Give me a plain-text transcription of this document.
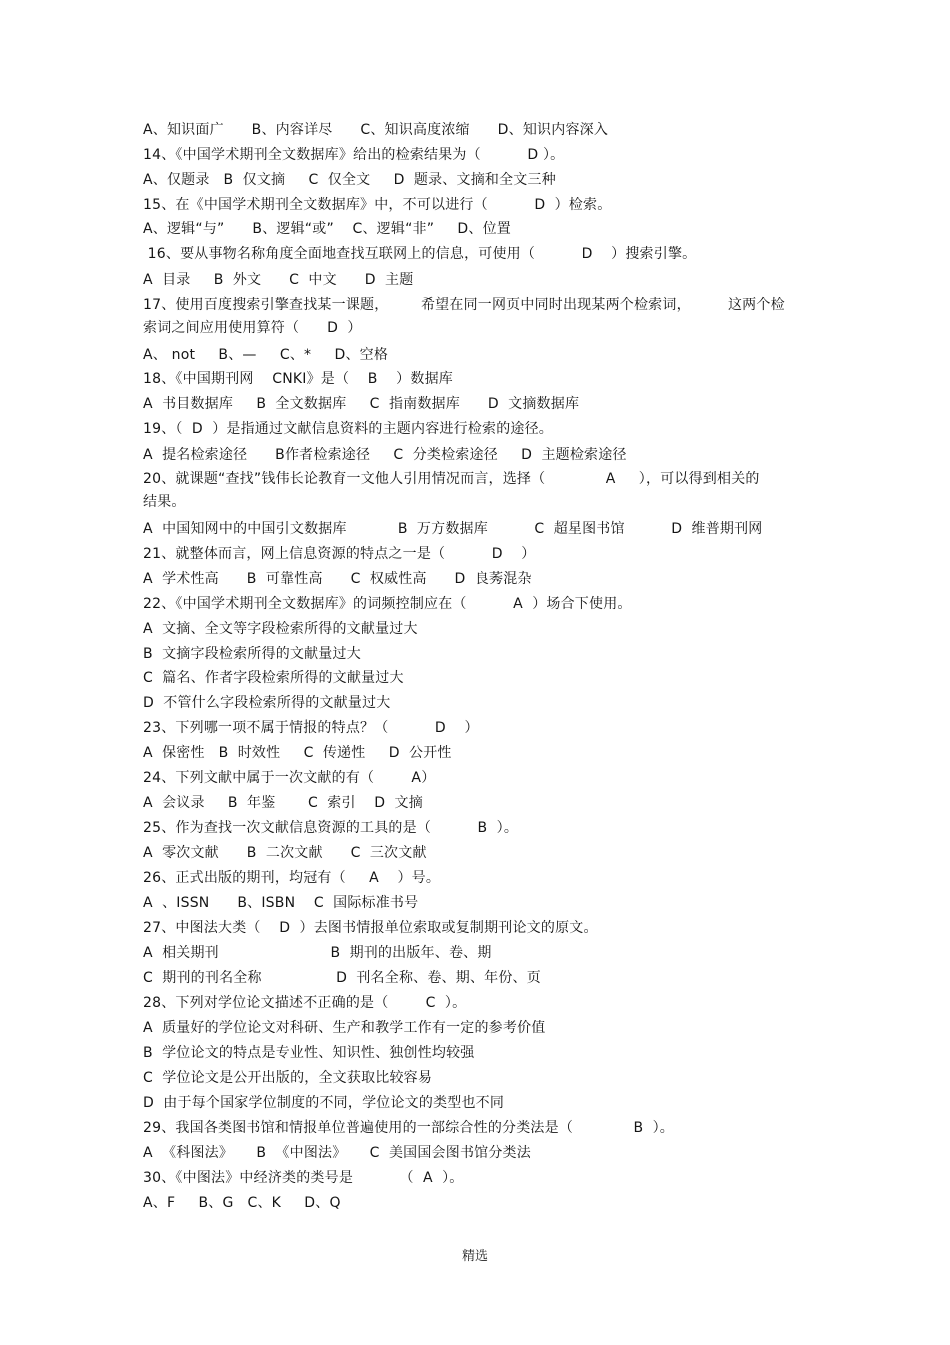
A、知识面广      B、内容详尽      C、知识高度浓缩      D、知识内容深入
14、《中国学术期刊全文数据库》给出的检索结果为（          D ）。
A、仅题录   B  仅文摘     C  仅全文     D  题录、文摘和全文三种
15、在《中国学术期刊全文数据库》中，不可以进行（          D  ）检索。
A、逻辑“与”      B、逻辑“或”    C、逻辑“非”     D、位置
16、要从事物名称角度全面地查找互联网上的信息，可使用（          D    ）搜索引擎。
A  目录     B  外文      C  中文      D  主题
17、使用百度搜索引擎查找某一课题，       希望在同一网页中同时出现某两个检索词，        这两个检
索词之间应用使用算符（      D  ）
A、 not     B、—     C、*     D、空格
18、《中国期刊网    CNKI》是（    B    ）数据库
A  书目数据库     B  全文数据库     C  指南数据库      D  文摘数据库
19、（  D  ）是指通过文献信息资料的主题内容进行检索的途径。
A  提名检索途径      B作者检索途径     C  分类检索途径     D  主题检索途径
20、就课题“查找”钱伟长论教育一文他人引用情况而言，选择（             A     ），可以得到相关的
结果。
A  中国知网中的中国引文数据库           B  万方数据库          C  超星图书馆          D  维普期刊网
21、就整体而言，网上信息资源的特点之一是（          D    ）
A  学术性高      B  可靠性高      C  权威性高      D  良莠混杂
22、《中国学术期刊全文数据库》的词频控制应在（          A  ）场合下使用。
A  文摘、全文等字段检索所得的文献量过大
B  文摘字段检索所得的文献量过大
C  篇名、作者字段检索所得的文献量过大
D  不管什么字段检索所得的文献量过大
23、下列哪一项不属于情报的特点？（          D    ）
A  保密性   B  时效性     C  传递性     D  公开性
24、下列文献中属于一次文献的有（        A）
A  会议录     B  年鉴       C  索引    D  文摘
25、作为查找一次文献信息资源的工具的是（          B  ）。
A  零次文献      B  二次文献      C  三次文献
26、正式出版的期刊，均冠有（     A    ）号。
A  、ISSN      B、ISBN    C  国际标准书号
27、中图法大类（    D  ）去图书情报单位索取或复制期刊论文的原文。
A  相关期刊                        B  期刊的出版年、卷、期
C  期刊的刊名全称                D  刊名全称、卷、期、年份、页
28、下列对学位论文描述不正确的是（        C  ）。
A  质量好的学位论文对科研、生产和教学工作有一定的参考价值
B  学位论文的特点是专业性、知识性、独创性均较强
C  学位论文是公开出版的，全文获取比较容易
D  由于每个国家学位制度的不同，学位论文的类型也不同
29、我国各类图书馆和情报单位普遍使用的一部综合性的分类法是（             B  ）。
A  《科图法》     B  《中图法》     C  美国国会图书馆分类法
30、《中图法》中经济类的类号是          （  A  ）。
A、F     B、G   C、K     D、Q
精选
